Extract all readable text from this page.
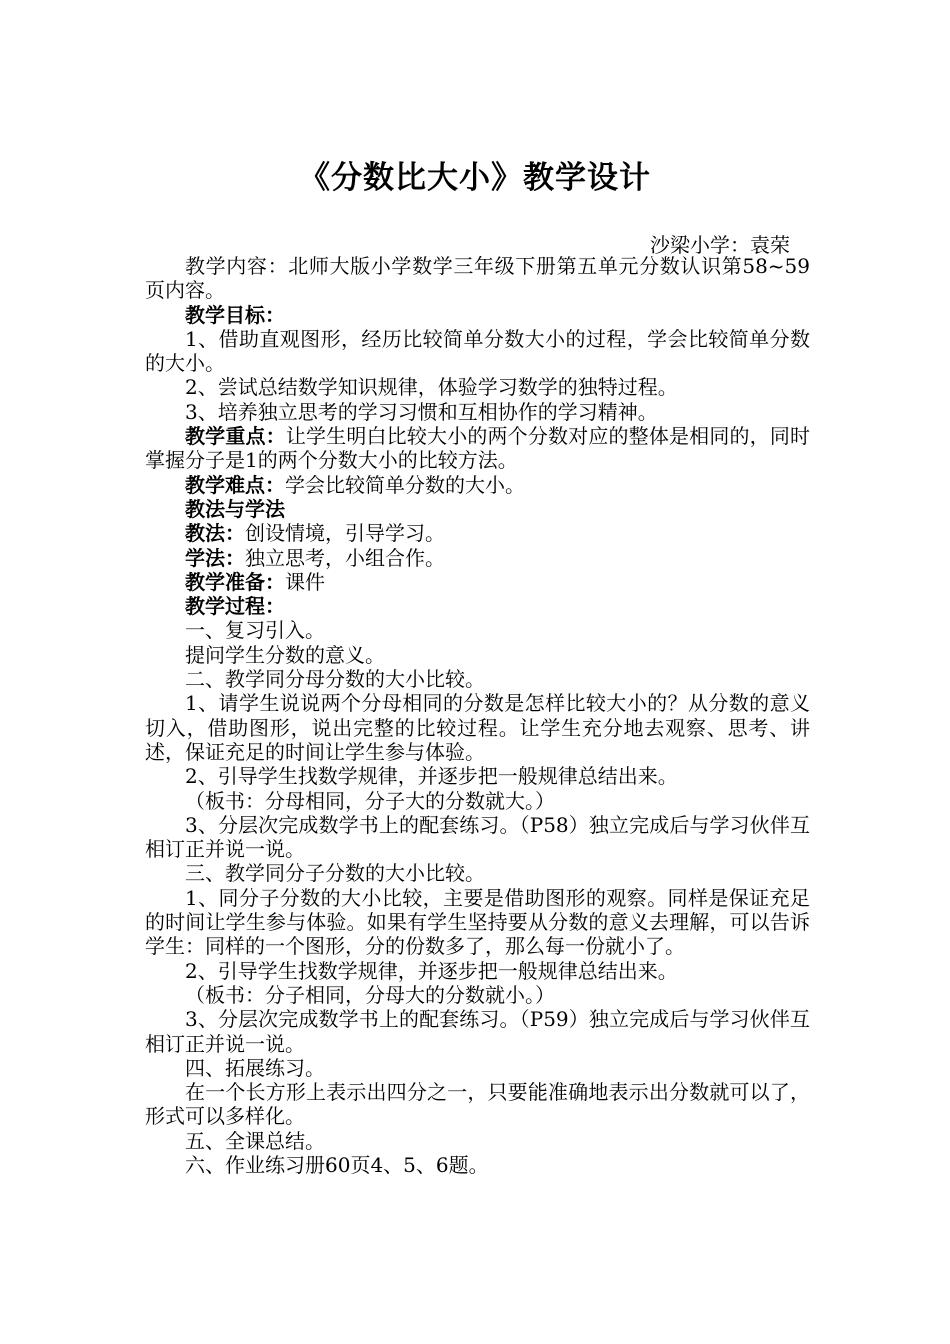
《分数比大小》教学设计
沙梁小学：袁荣

教学内容：北师大版小学数学三年级下册第五单元分数认识第58~59页内容。

教学目标：

1、借助直观图形，经历比较简单分数大小的过程，学会比较简单分数的大小。

2、尝试总结数学知识规律，体验学习数学的独特过程。

3、培养独立思考的学习习惯和互相协作的学习精神。

教学重点：让学生明白比较大小的两个分数对应的整体是相同的，同时掌握分子是1的两个分数大小的比较方法。

教学难点：学会比较简单分数的大小。

教法与学法

教法：创设情境，引导学习。

学法：独立思考，小组合作。

教学准备：课件

教学过程：

一、复习引入。

提问学生分数的意义。

二、教学同分母分数的大小比较。

1、请学生说说两个分母相同的分数是怎样比较大小的？从分数的意义切入，借助图形，说出完整的比较过程。让学生充分地去观察、思考、讲述，保证充足的时间让学生参与体验。

2、引导学生找数学规律，并逐步把一般规律总结出来。

（板书：分母相同，分子大的分数就大。）

3、分层次完成数学书上的配套练习。（P58）独立完成后与学习伙伴互相订正并说一说。

三、教学同分子分数的大小比较。

1、同分子分数的大小比较，主要是借助图形的观察。同样是保证充足的时间让学生参与体验。如果有学生坚持要从分数的意义去理解，可以告诉学生：同样的一个图形，分的份数多了，那么每一份就小了。

2、引导学生找数学规律，并逐步把一般规律总结出来。

（板书：分子相同，分母大的分数就小。）

3、分层次完成数学书上的配套练习。（P59）独立完成后与学习伙伴互相订正并说一说。

四、拓展练习。

在一个长方形上表示出四分之一，只要能准确地表示出分数就可以了，形式可以多样化。

五、全课总结。

六、作业练习册60页4、5、6题。
